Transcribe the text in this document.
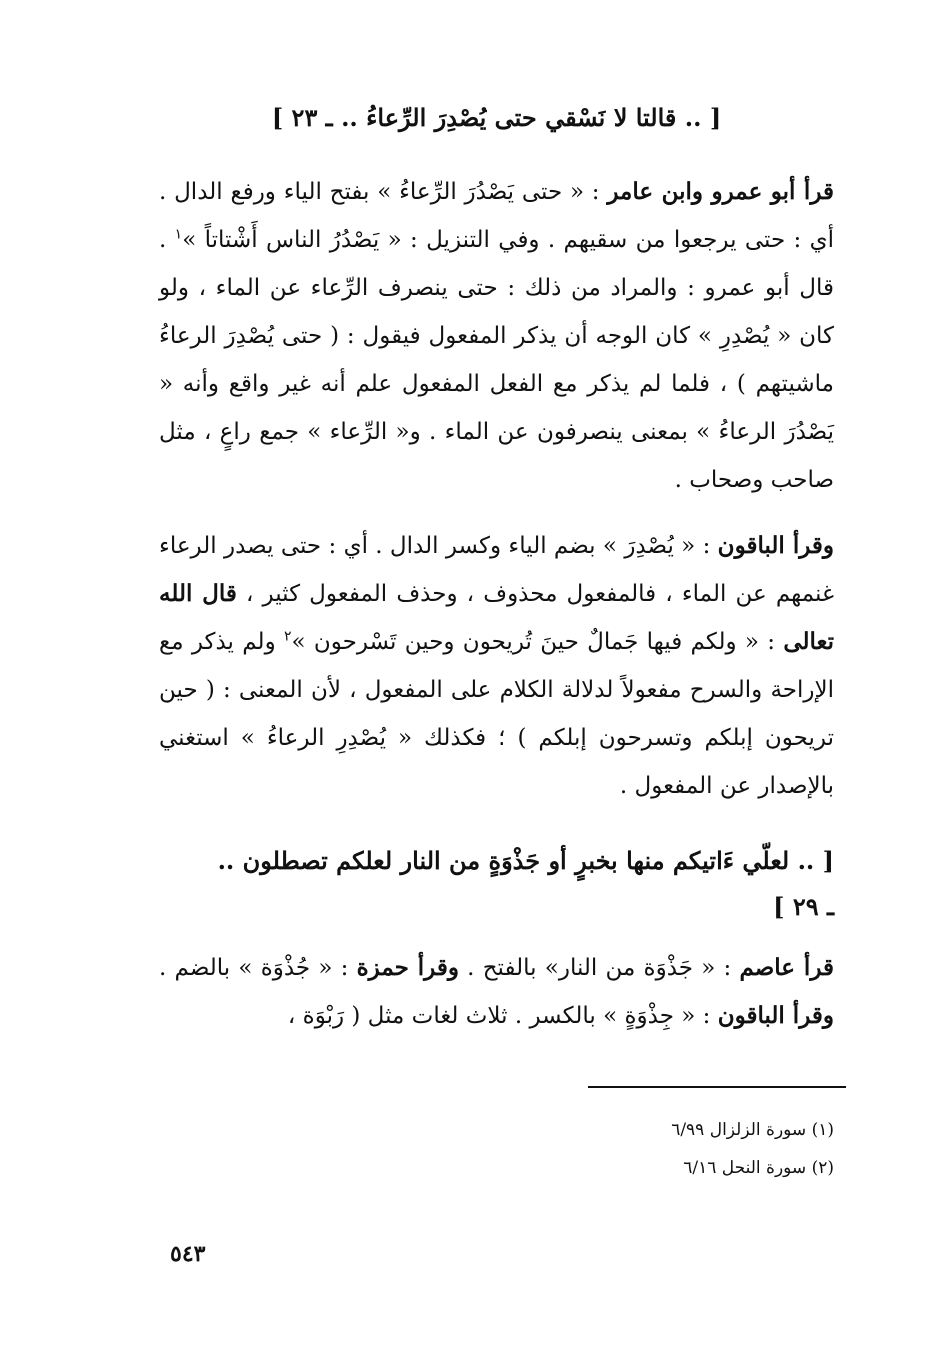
[ .. قالتا لا نَسْقي حتى يُصْدِرَ الرِّعاءُ .. ـ ٢٣ ]
قرأ أبو عمرو وابن عامر : « حتى يَصْدُرَ الرِّعاءُ » بفتح الياء ورفع الدال . أي : حتى يرجعوا من سقيهم . وفي التنزيل : « يَصْدُرُ الناس أَشْتاتاً »$^١$ . قال أبو عمرو : والمراد من ذلك : حتى ينصرف الرِّعاء عن الماء ، ولو كان « يُصْدِرِ » كان الوجه أن يذكر المفعول فيقول : ( حتى يُصْدِرَ الرعاءُ ماشيتهم ) ، فلما لم يذكر مع الفعل المفعول علم أنه غير واقع وأنه « يَصْدُرَ الرعاءُ » بمعنى ينصرفون عن الماء . و« الرِّعاء » جمع راعٍ ، مثل صاحب وصحاب .
وقرأ الباقون : « يُصْدِرَ » بضم الياء وكسر الدال . أي : حتى يصدر الرعاء غنمهم عن الماء ، فالمفعول محذوف ، وحذف المفعول كثير ، قال الله تعالى : « ولكم فيها جَمالٌ حينَ تُريحون وحين تَسْرحون »$^٢$ ولم يذكر مع الإراحة والسرح مفعولاً لدلالة الكلام على المفعول ، لأن المعنى : ( حين تريحون إبلكم وتسرحون إبلكم ) ؛ فكذلك « يُصْدِرِ الرعاءُ » استغني بالإصدار عن المفعول .
[ .. لعلّي ءَاتيكم منها بخبرٍ أو جَذْوَةٍ من النار لعلكم تصطلون ..
ـ ٢٩ ]
قرأ عاصم : « جَذْوَة من النار» بالفتح . وقرأ حمزة : « جُذْوَة » بالضم . وقرأ الباقون : « جِذْوَةٍ » بالكسر . ثلاث لغات مثل ( رَبْوَة ،
(١) سورة الزلزال ٦/٩٩
(٢) سورة النحل ٦/١٦
٥٤٣
